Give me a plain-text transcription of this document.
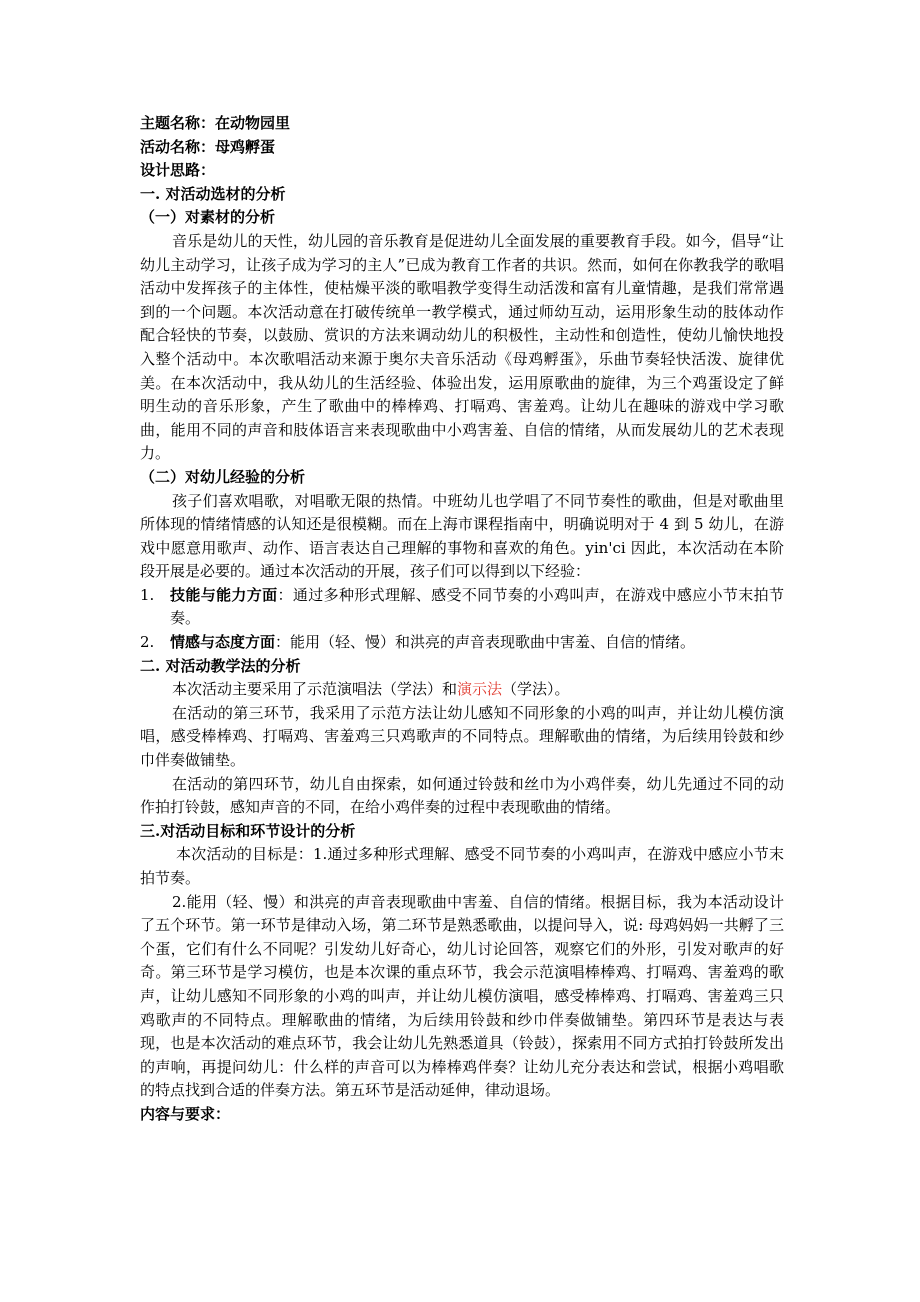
主题名称：在动物园里

活动名称：母鸡孵蛋

设计思路：

一. 对活动选材的分析

（一）对素材的分析

音乐是幼儿的天性，幼儿园的音乐教育是促进幼儿全面发展的重要教育手段。如今，倡导“让幼儿主动学习，让孩子成为学习的主人”已成为教育工作者的共识。然而，如何在你教我学的歌唱活动中发挥孩子的主体性，使枯燥平淡的歌唱教学变得生动活泼和富有儿童情趣，是我们常常遇到的一个问题。本次活动意在打破传统单一教学模式，通过师幼互动，运用形象生动的肢体动作配合轻快的节奏，以鼓励、赏识的方法来调动幼儿的积极性，主动性和创造性，使幼儿愉快地投入整个活动中。本次歌唱活动来源于奥尔夫音乐活动《母鸡孵蛋》，乐曲节奏轻快活泼、旋律优美。在本次活动中，我从幼儿的生活经验、体验出发，运用原歌曲的旋律，为三个鸡蛋设定了鲜明生动的音乐形象，产生了歌曲中的棒棒鸡、打嗝鸡、害羞鸡。让幼儿在趣味的游戏中学习歌曲，能用不同的声音和肢体语言来表现歌曲中小鸡害羞、自信的情绪，从而发展幼儿的艺术表现力。

（二）对幼儿经验的分析

孩子们喜欢唱歌，对唱歌无限的热情。中班幼儿也学唱了不同节奏性的歌曲，但是对歌曲里所体现的情绪情感的认知还是很模糊。而在上海市课程指南中，明确说明对于 4 到 5 幼儿，在游戏中愿意用歌声、动作、语言表达自己理解的事物和喜欢的角色。yin'ci 因此，本次活动在本阶段开展是必要的。通过本次活动的开展，孩子们可以得到以下经验：

1. 技能与能力方面：通过多种形式理解、感受不同节奏的小鸡叫声，在游戏中感应小节末拍节奏。

2. 情感与态度方面：能用（轻、慢）和洪亮的声音表现歌曲中害羞、自信的情绪。

二. 对活动教学法的分析

本次活动主要采用了示范演唱法（学法）和演示法（学法）。

在活动的第三环节，我采用了示范方法让幼儿感知不同形象的小鸡的叫声，并让幼儿模仿演唱，感受棒棒鸡、打嗝鸡、害羞鸡三只鸡歌声的不同特点。理解歌曲的情绪，为后续用铃鼓和纱巾伴奏做铺垫。

在活动的第四环节，幼儿自由探索，如何通过铃鼓和丝巾为小鸡伴奏，幼儿先通过不同的动作拍打铃鼓，感知声音的不同，在给小鸡伴奏的过程中表现歌曲的情绪。

三.对活动目标和环节设计的分析

本次活动的目标是：1.通过多种形式理解、感受不同节奏的小鸡叫声，在游戏中感应小节末拍节奏。

2.能用（轻、慢）和洪亮的声音表现歌曲中害羞、自信的情绪。根据目标，我为本活动设计了五个环节。第一环节是律动入场，第二环节是熟悉歌曲，以提问导入，说: 母鸡妈妈一共孵了三个蛋，它们有什么不同呢？引发幼儿好奇心，幼儿讨论回答，观察它们的外形，引发对歌声的好奇。第三环节是学习模仿，也是本次课的重点环节，我会示范演唱棒棒鸡、打嗝鸡、害羞鸡的歌声，让幼儿感知不同形象的小鸡的叫声，并让幼儿模仿演唱，感受棒棒鸡、打嗝鸡、害羞鸡三只鸡歌声的不同特点。理解歌曲的情绪，为后续用铃鼓和纱巾伴奏做铺垫。第四环节是表达与表现，也是本次活动的难点环节，我会让幼儿先熟悉道具（铃鼓），探索用不同方式拍打铃鼓所发出的声响，再提问幼儿：什么样的声音可以为棒棒鸡伴奏？让幼儿充分表达和尝试，根据小鸡唱歌的特点找到合适的伴奏方法。第五环节是活动延伸，律动退场。

内容与要求：
